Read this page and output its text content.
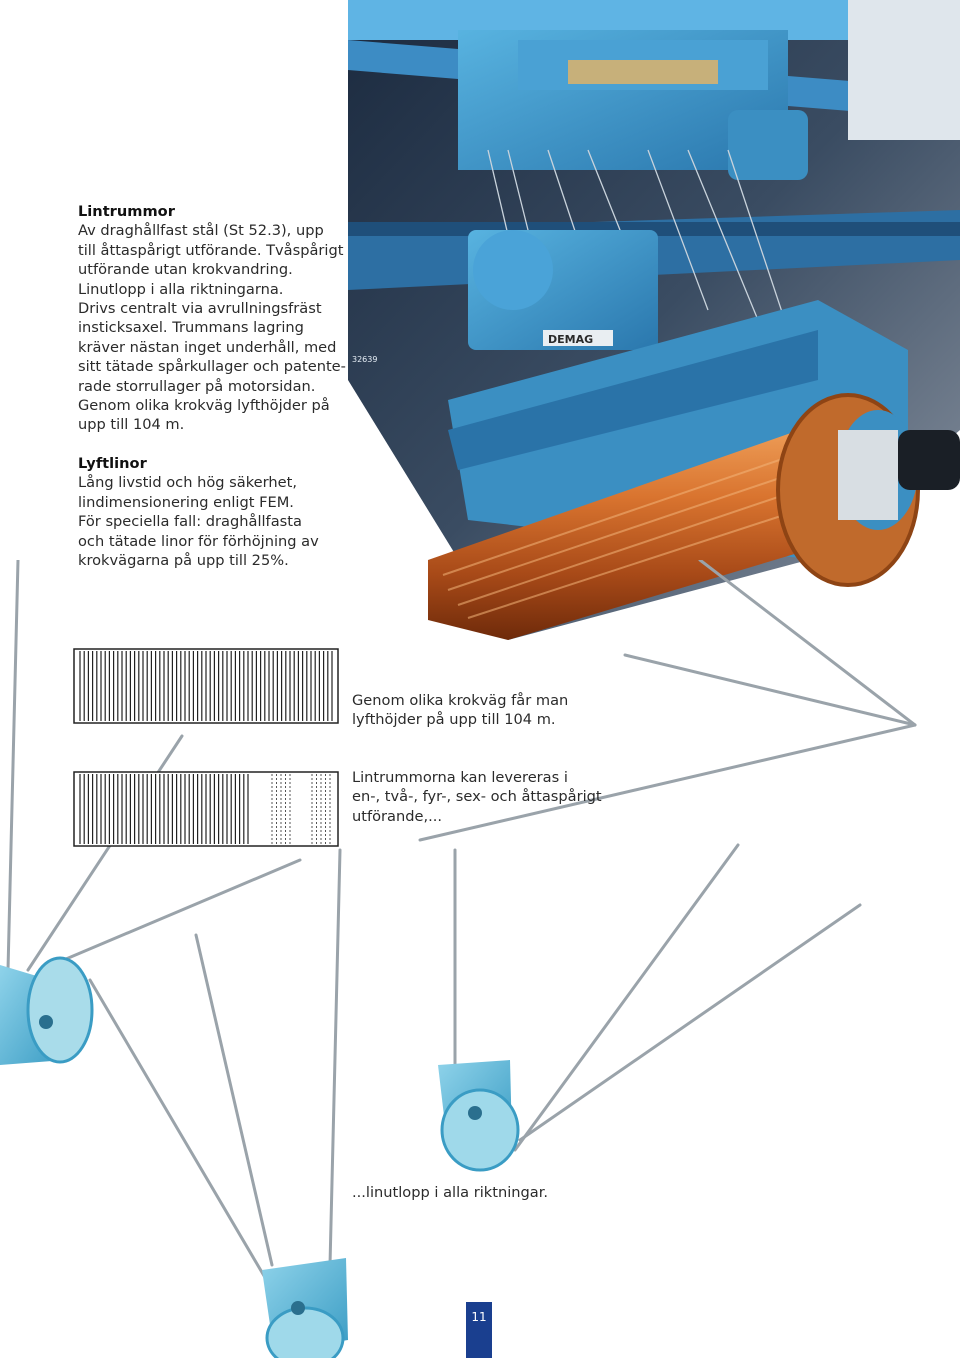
DEMAG
32639
Lintrummor
Av draghållfast stål (St 52.3), upp
till åttaspårigt utförande. Tvåspårigt
utförande utan krokvandring.
Linutlopp i alla riktningarna.
Drivs centralt via avrullningsfräst
insticksaxel. Trummans lagring
kräver nästan inget underhåll, med
sitt tätade spårkullager och patente-
rade storrullager på motorsidan.
Genom olika krokväg lyfthöjder på
upp till 104 m.
Lyftlinor
Lång livstid och hög säkerhet,
lindimensionering enligt FEM.
För speciella fall: draghållfasta
och tätade linor för förhöjning av
krokvägarna på upp till 25%.
Genom olika krokväg får man
lyfthöjder på upp till 104 m.
Lintrummorna kan levereras i
en-, två-, fyr-, sex- och åttaspårigt
utförande,...
...linutlopp i alla riktningar.
11
